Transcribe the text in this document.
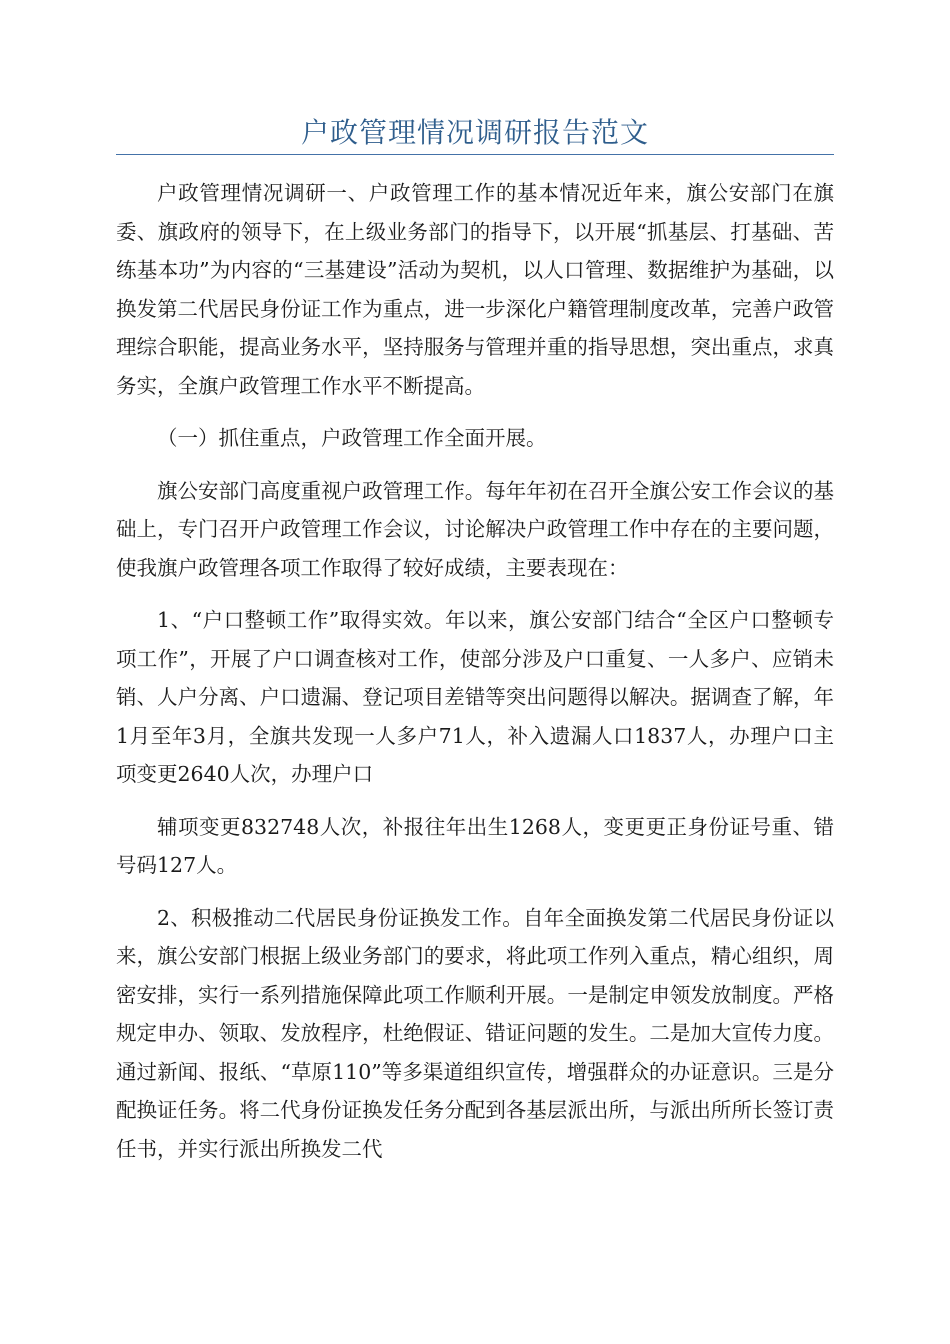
户政管理情况调研报告范文

户政管理情况调研一、户政管理工作的基本情况近年来，旗公安部门在旗委、旗政府的领导下，在上级业务部门的指导下，以开展“抓基层、打基础、苦练基本功”为内容的“三基建设”活动为契机，以人口管理、数据维护为基础，以换发第二代居民身份证工作为重点，进一步深化户籍管理制度改革，完善户政管理综合职能，提高业务水平，坚持服务与管理并重的指导思想，突出重点，求真务实，全旗户政管理工作水平不断提高。

（一）抓住重点，户政管理工作全面开展。

旗公安部门高度重视户政管理工作。每年年初在召开全旗公安工作会议的基础上，专门召开户政管理工作会议，讨论解决户政管理工作中存在的主要问题，使我旗户政管理各项工作取得了较好成绩，主要表现在：

1、“户口整顿工作”取得实效。年以来，旗公安部门结合“全区户口整顿专项工作”，开展了户口调查核对工作，使部分涉及户口重复、一人多户、应销未销、人户分离、户口遗漏、登记项目差错等突出问题得以解决。据调查了解，年1月至年3月，全旗共发现一人多户71人，补入遗漏人口1837人，办理户口主项变更2640人次，办理户口

辅项变更832748人次，补报往年出生1268人，变更更正身份证号重、错号码127人。

2、积极推动二代居民身份证换发工作。自年全面换发第二代居民身份证以来，旗公安部门根据上级业务部门的要求，将此项工作列入重点，精心组织，周密安排，实行一系列措施保障此项工作顺利开展。一是制定申领发放制度。严格规定申办、领取、发放程序，杜绝假证、错证问题的发生。二是加大宣传力度。通过新闻、报纸、“草原110”等多渠道组织宣传，增强群众的办证意识。三是分配换证任务。将二代身份证换发任务分配到各基层派出所，与派出所所长签订责任书，并实行派出所换发二代
